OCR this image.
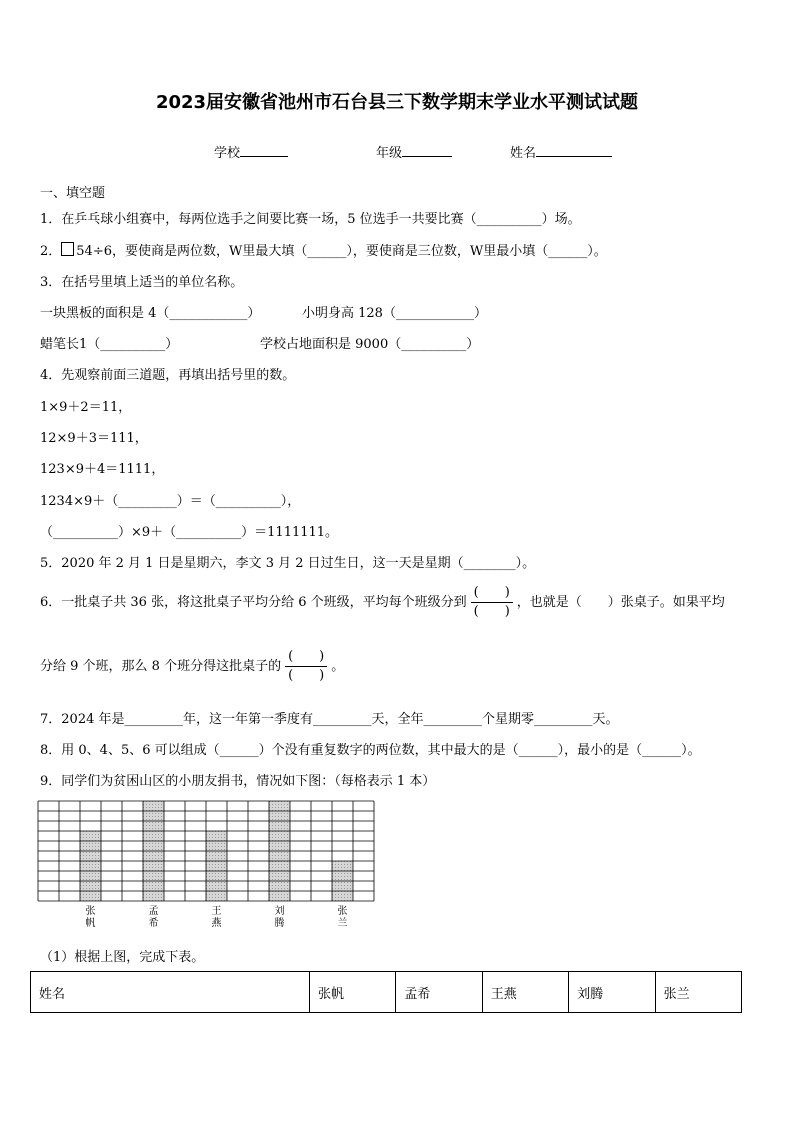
2023届安徽省池州市石台县三下数学期末学业水平测试试题
学校	年级	姓名
一、填空题
1．在乒乓球小组赛中，每两位选手之间要比赛一场，5 位选手一共要比赛（__________）场。
2． 54÷6，要使商是两位数，W里最大填（______），要使商是三位数，W里最小填（______）。
3．在括号里填上适当的单位名称。
一块黑板的面积是 4（____________）	小明身高 128（____________）
蜡笔长1（__________）	学校占地面积是 9000（__________）
4．先观察前面三道题，再填出括号里的数。
1×9＋2＝11，
12×9＋3＝111，
123×9＋4＝1111，
1234×9＋（_________）＝（__________），
（__________）×9＋（__________）＝1111111。
5．2020 年 2 月 1 日是星期六，李文 3 月 2 日过生日，这一天是星期（________）。
6．一批桌子共 36 张，将这批桌子平均分给 6 个班级，平均每个班级分到 $\frac{( )}{( )}$ ，也就是（　　）张桌子。如果平均
分给 9 个班，那么 8 个班分得这批桌子的 $\frac{( )}{( )}$ 。
7．2024 年是_________年，这一年第一季度有_________天，全年_________个星期零_________天。
8．用 0、4、5、6 可以组成（______）个没有重复数字的两位数，其中最大的是（______），最小的是（______）。
9．同学们为贫困山区的小朋友捐书，情况如下图：（每格表示 1 本）
张
帆
孟
希
王
燕
刘
腾
张
兰
（1）根据上图，完成下表。
姓名	张帆	孟希	王燕	刘腾	张兰
